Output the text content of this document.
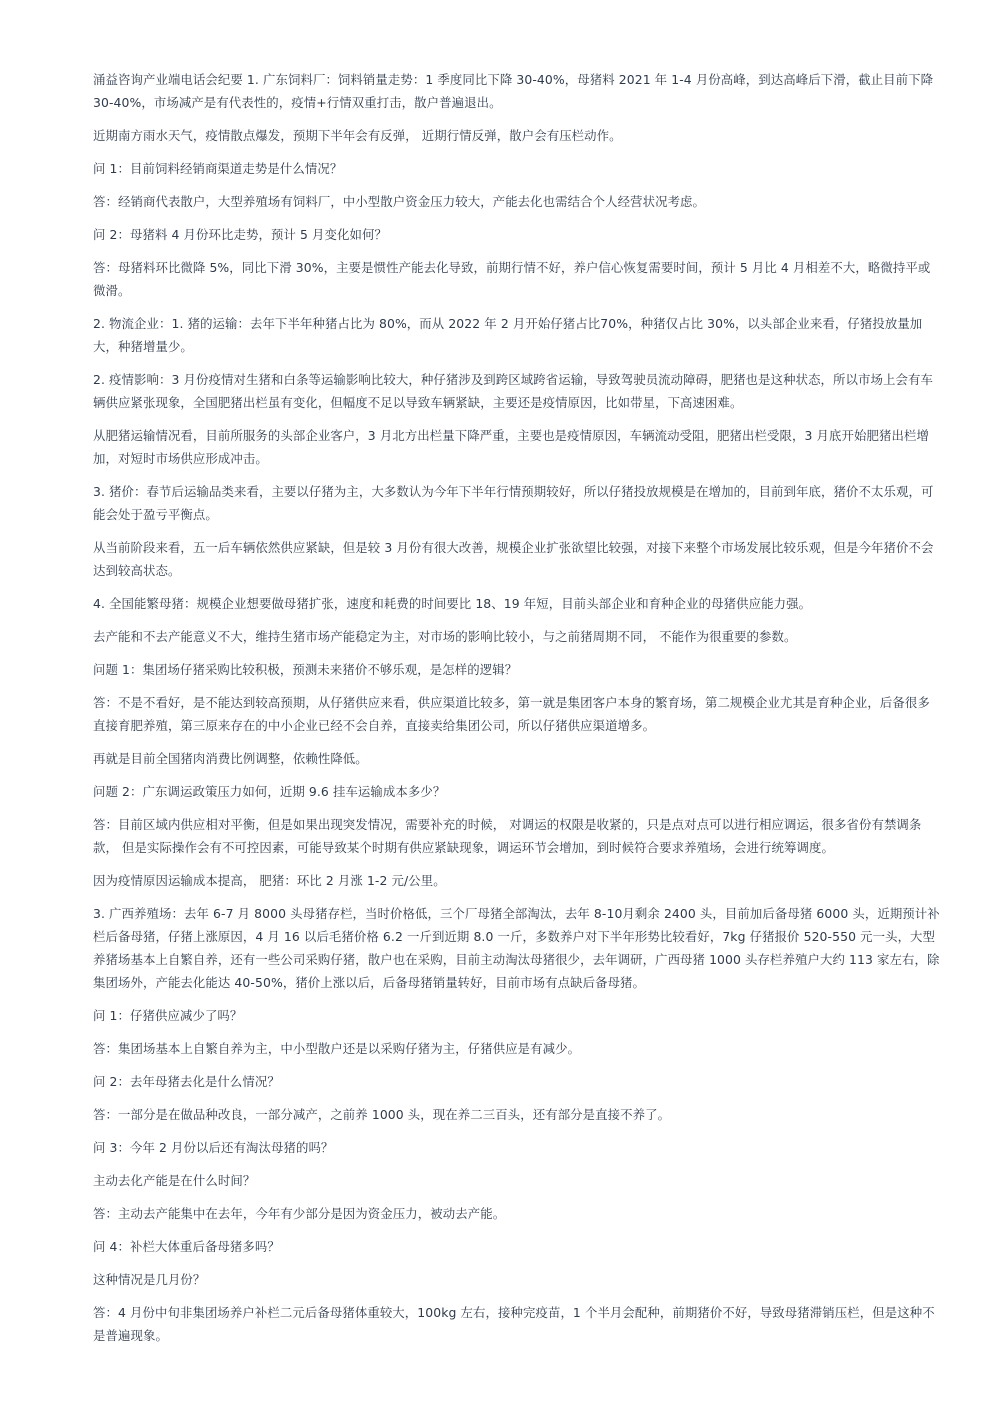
涌益咨询产业端电话会纪要 1. 广东饲料厂：饲料销量走势：1 季度同比下降 30-40%，母猪料 2021 年 1-4 月份高峰，到达高峰后下滑，截止目前下降 30-40%，市场减产是有代表性的，疫情+行情双重打击，散户普遍退出。

近期南方雨水天气，疫情散点爆发，预期下半年会有反弹， 近期行情反弹，散户会有压栏动作。

问 1：目前饲料经销商渠道走势是什么情况？

答：经销商代表散户，大型养殖场有饲料厂，中小型散户资金压力较大，产能去化也需结合个人经营状况考虑。

问 2：母猪料 4 月份环比走势，预计 5 月变化如何？

答：母猪料环比微降 5%，同比下滑 30%，主要是惯性产能去化导致，前期行情不好，养户信心恢复需要时间，预计 5 月比 4 月相差不大，略微持平或微滑。

2. 物流企业：1. 猪的运输：去年下半年种猪占比为 80%，而从 2022 年 2 月开始仔猪占比70%，种猪仅占比 30%，以头部企业来看，仔猪投放量加大，种猪增量少。

2. 疫情影响：3 月份疫情对生猪和白条等运输影响比较大，种仔猪涉及到跨区域跨省运输，导致驾驶员流动障碍，肥猪也是这种状态，所以市场上会有车辆供应紧张现象，全国肥猪出栏虽有变化，但幅度不足以导致车辆紧缺，主要还是疫情原因，比如带星，下高速困难。

从肥猪运输情况看，目前所服务的头部企业客户，3 月北方出栏量下降严重，主要也是疫情原因，车辆流动受阻，肥猪出栏受限，3 月底开始肥猪出栏增加，对短时市场供应形成冲击。

3. 猪价：春节后运输品类来看，主要以仔猪为主，大多数认为今年下半年行情预期较好，所以仔猪投放规模是在增加的，目前到年底，猪价不太乐观，可能会处于盈亏平衡点。

从当前阶段来看，五一后车辆依然供应紧缺，但是较 3 月份有很大改善，规模企业扩张欲望比较强，对接下来整个市场发展比较乐观，但是今年猪价不会达到较高状态。

4. 全国能繁母猪：规模企业想要做母猪扩张，速度和耗费的时间要比 18、19 年短，目前头部企业和育种企业的母猪供应能力强。

去产能和不去产能意义不大，维持生猪市场产能稳定为主，对市场的影响比较小，与之前猪周期不同， 不能作为很重要的参数。

问题 1：集团场仔猪采购比较积极，预测未来猪价不够乐观，是怎样的逻辑？

答：不是不看好，是不能达到较高预期，从仔猪供应来看，供应渠道比较多，第一就是集团客户本身的繁育场，第二规模企业尤其是育种企业，后备很多直接育肥养殖，第三原来存在的中小企业已经不会自养，直接卖给集团公司，所以仔猪供应渠道增多。

再就是目前全国猪肉消费比例调整，依赖性降低。

问题 2：广东调运政策压力如何，近期 9.6 挂车运输成本多少？

答：目前区域内供应相对平衡，但是如果出现突发情况，需要补充的时候， 对调运的权限是收紧的，只是点对点可以进行相应调运，很多省份有禁调条款， 但是实际操作会有不可控因素，可能导致某个时期有供应紧缺现象，调运环节会增加，到时候符合要求养殖场，会进行统筹调度。

因为疫情原因运输成本提高， 肥猪：环比 2 月涨 1-2 元/公里。

3. 广西养殖场：去年 6-7 月 8000 头母猪存栏，当时价格低，三个厂母猪全部淘汰，去年 8-10月剩余 2400 头，目前加后备母猪 6000 头，近期预计补栏后备母猪，仔猪上涨原因，4 月 16 以后毛猪价格 6.2 一斤到近期 8.0 一斤，多数养户对下半年形势比较看好，7kg 仔猪报价 520-550 元一头，大型养猪场基本上自繁自养，还有一些公司采购仔猪，散户也在采购，目前主动淘汰母猪很少，去年调研，广西母猪 1000 头存栏养殖户大约 113 家左右，除集团场外，产能去化能达 40-50%，猪价上涨以后，后备母猪销量转好，目前市场有点缺后备母猪。

问 1：仔猪供应减少了吗？

答：集团场基本上自繁自养为主，中小型散户还是以采购仔猪为主，仔猪供应是有减少。

问 2：去年母猪去化是什么情况？

答：一部分是在做品种改良，一部分减产，之前养 1000 头，现在养二三百头，还有部分是直接不养了。

问 3：今年 2 月份以后还有淘汰母猪的吗？

主动去化产能是在什么时间？

答：主动去产能集中在去年，今年有少部分是因为资金压力，被动去产能。

问 4：补栏大体重后备母猪多吗？

这种情况是几月份？

答：4 月份中旬非集团场养户补栏二元后备母猪体重较大，100kg 左右，接种完疫苗，1 个半月会配种，前期猪价不好，导致母猪滞销压栏，但是这种不是普遍现象。
